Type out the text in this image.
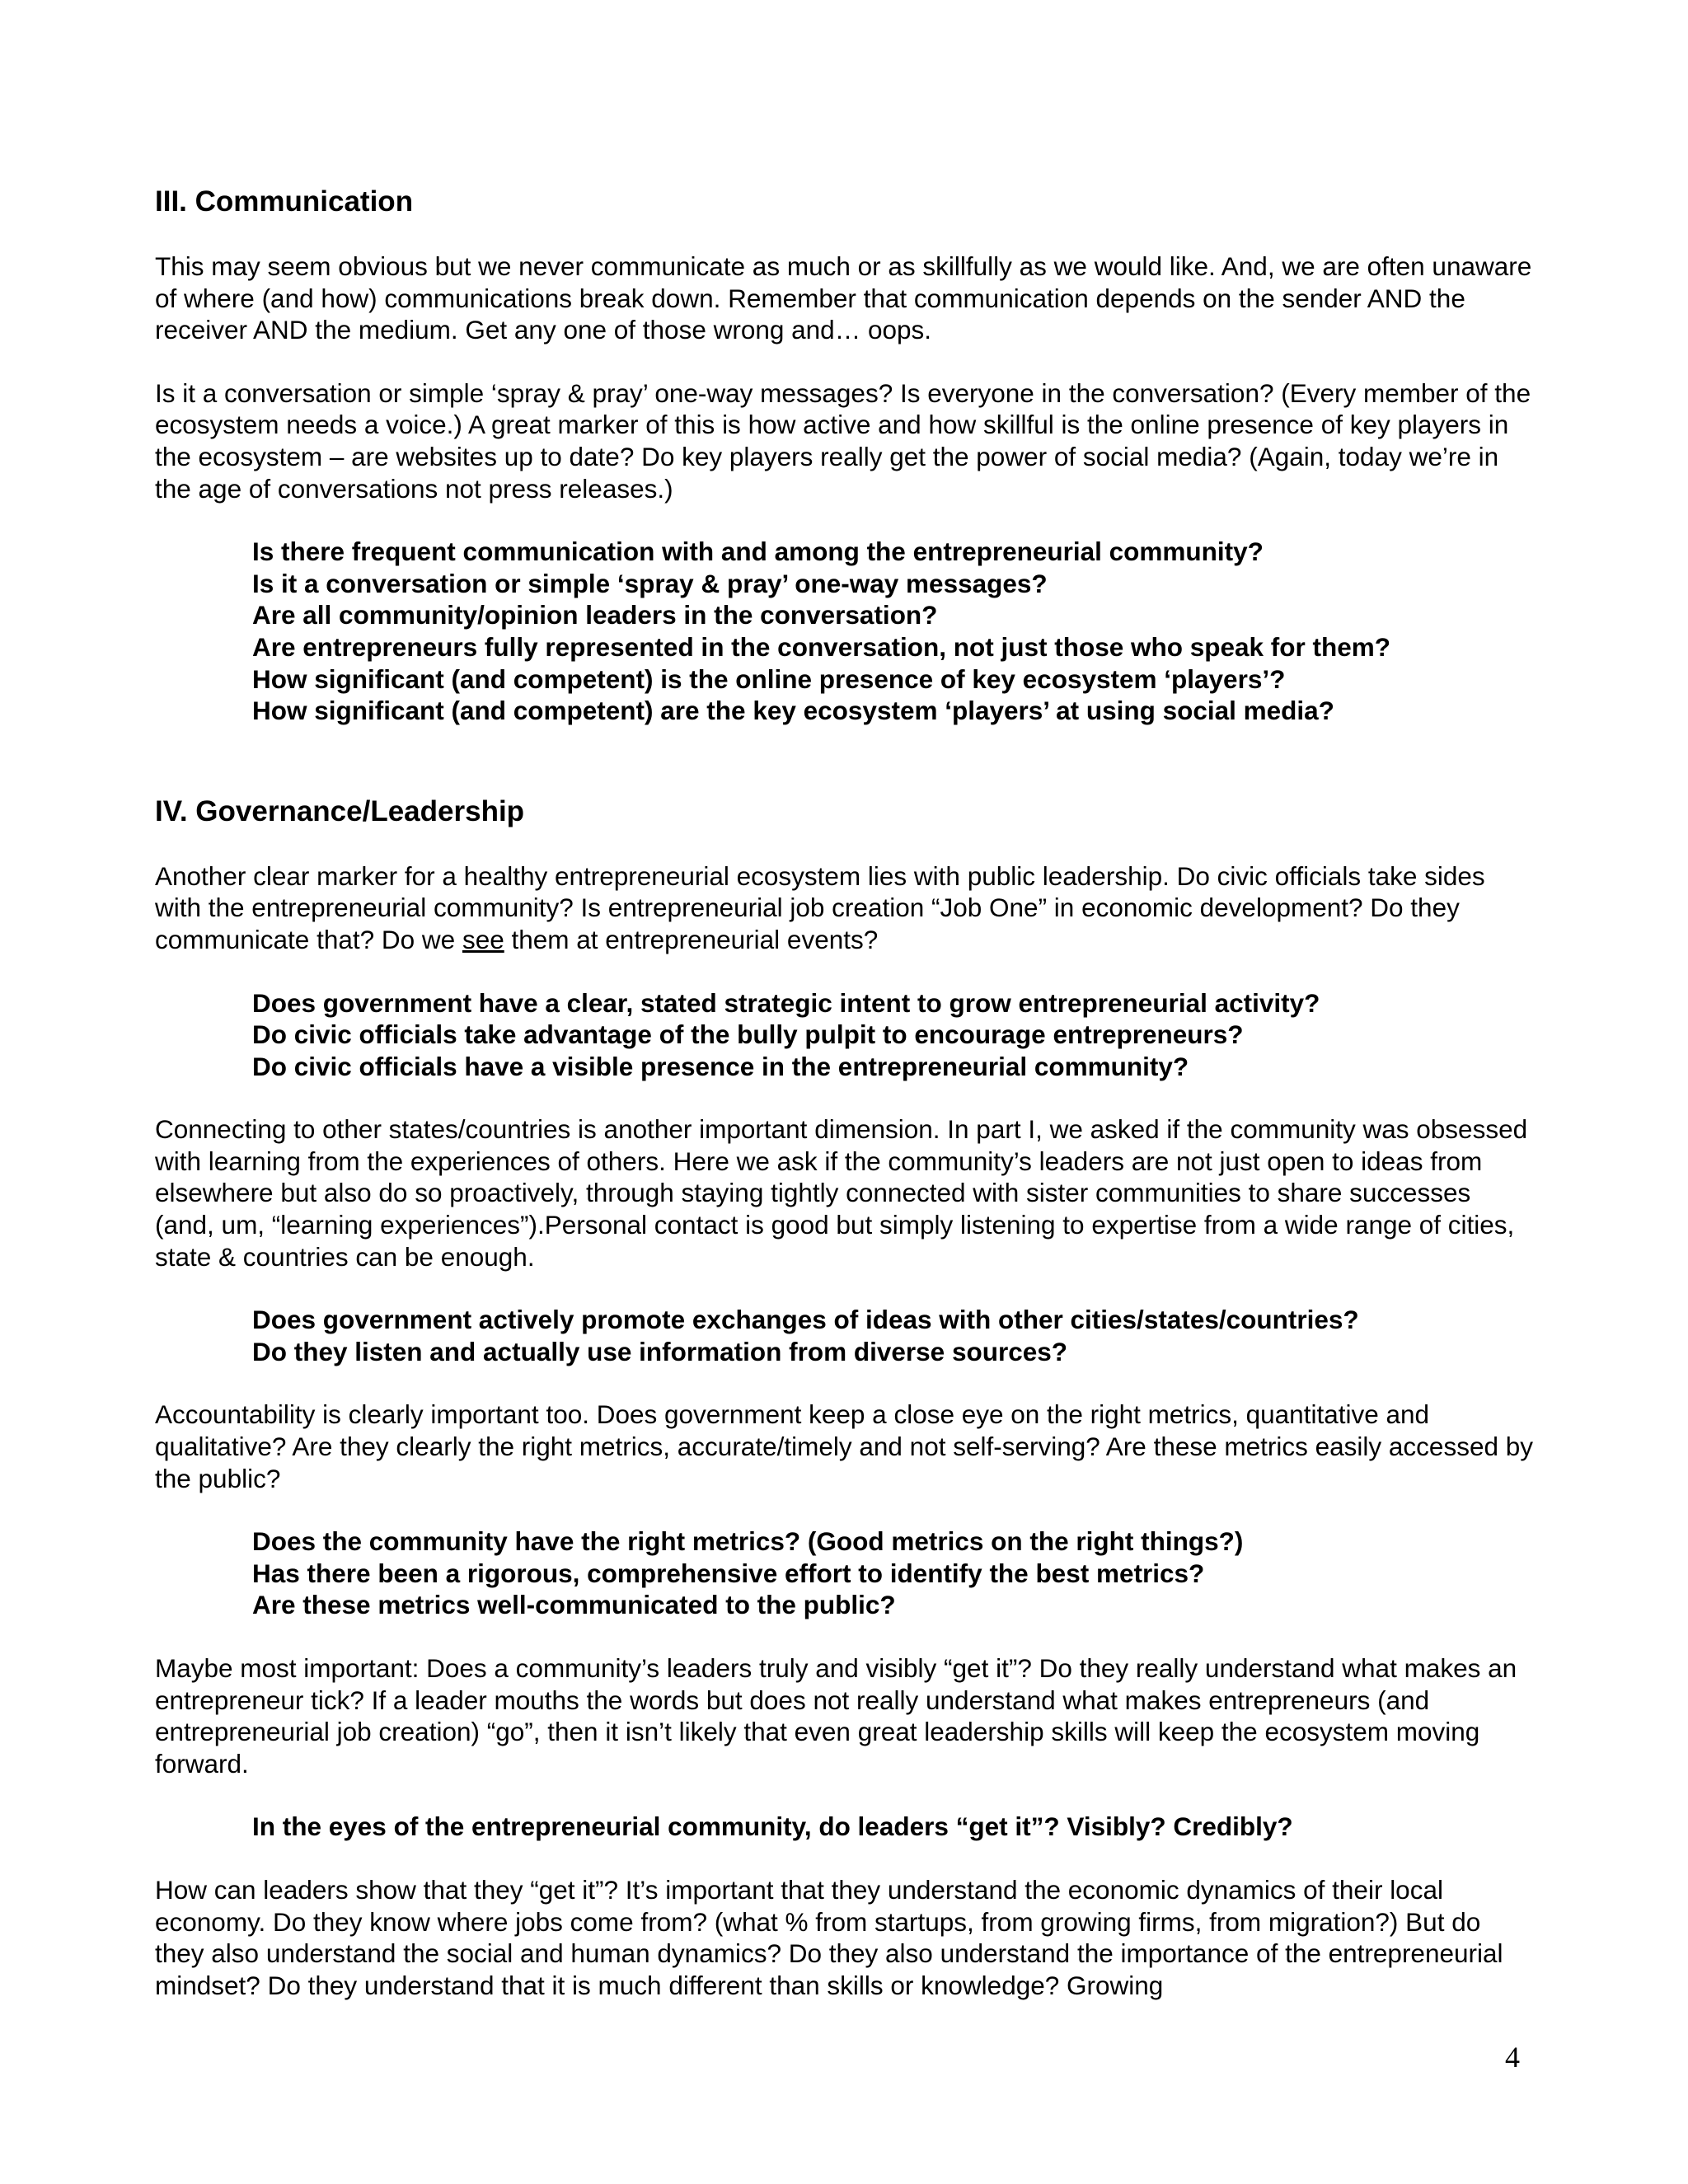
III. Communication

This may seem obvious but we never communicate as much or as skillfully as we would like. And, we are often unaware of where (and how) communications break down. Remember that communication depends on the sender AND the receiver AND the medium. Get any one of those wrong and… oops.

Is it a conversation or simple ‘spray & pray’ one-way messages? Is everyone in the conversation? (Every member of the ecosystem needs a voice.) A great marker of this is how active and how skillful is the online presence of key players in the ecosystem – are websites up to date? Do key players really get the power of social media? (Again, today we’re in the age of conversations not press releases.)

Is there frequent communication with and among the entrepreneurial community?
Is it a conversation or simple ‘spray & pray’ one-way messages?
Are all community/opinion leaders in the conversation?
Are entrepreneurs fully represented in the conversation, not just those who speak for them?
How significant (and competent) is the online presence of key ecosystem ‘players’?
How significant (and competent) are the key ecosystem ‘players’ at using social media?
IV. Governance/Leadership

Another clear marker for a healthy entrepreneurial ecosystem lies with public leadership. Do civic officials take sides with the entrepreneurial community? Is entrepreneurial job creation “Job One” in economic development? Do they communicate that? Do we see them at entrepreneurial events?

Does government have a clear, stated strategic intent to grow entrepreneurial activity?
Do civic officials take advantage of the bully pulpit to encourage entrepreneurs?
Do civic officials have a visible presence in the entrepreneurial community?

Connecting to other states/countries is another important dimension. In part I, we asked if the community was obsessed with learning from the experiences of others. Here we ask if the community’s leaders are not just open to ideas from elsewhere but also do so proactively, through staying tightly connected with sister communities to share successes (and, um, “learning experiences”).Personal contact is good but simply listening to expertise from a wide range of cities, state & countries can be enough.

Does government actively promote exchanges of ideas with other cities/states/countries?
Do they listen and actually use information from diverse sources?

Accountability is clearly important too. Does government keep a close eye on the right metrics, quantitative and qualitative? Are they clearly the right metrics, accurate/timely and not self-serving? Are these metrics easily accessed by the public?

Does the community have the right metrics? (Good metrics on the right things?)
Has there been a rigorous, comprehensive effort to identify the best metrics?
Are these metrics well-communicated to the public?

Maybe most important: Does a community’s leaders truly and visibly “get it”? Do they really understand what makes an entrepreneur tick? If a leader mouths the words but does not really understand what makes entrepreneurs (and entrepreneurial job creation) “go”, then it isn’t likely that even great leadership skills will keep the ecosystem moving forward.

In the eyes of the entrepreneurial community, do leaders “get it”? Visibly? Credibly?

How can leaders show that they “get it”? It’s important that they understand the economic dynamics of their local economy. Do they know where jobs come from? (what % from startups, from growing firms, from migration?) But do they also understand the social and human dynamics? Do they also understand the importance of the entrepreneurial mindset? Do they understand that it is much different than skills or knowledge? Growing

4
